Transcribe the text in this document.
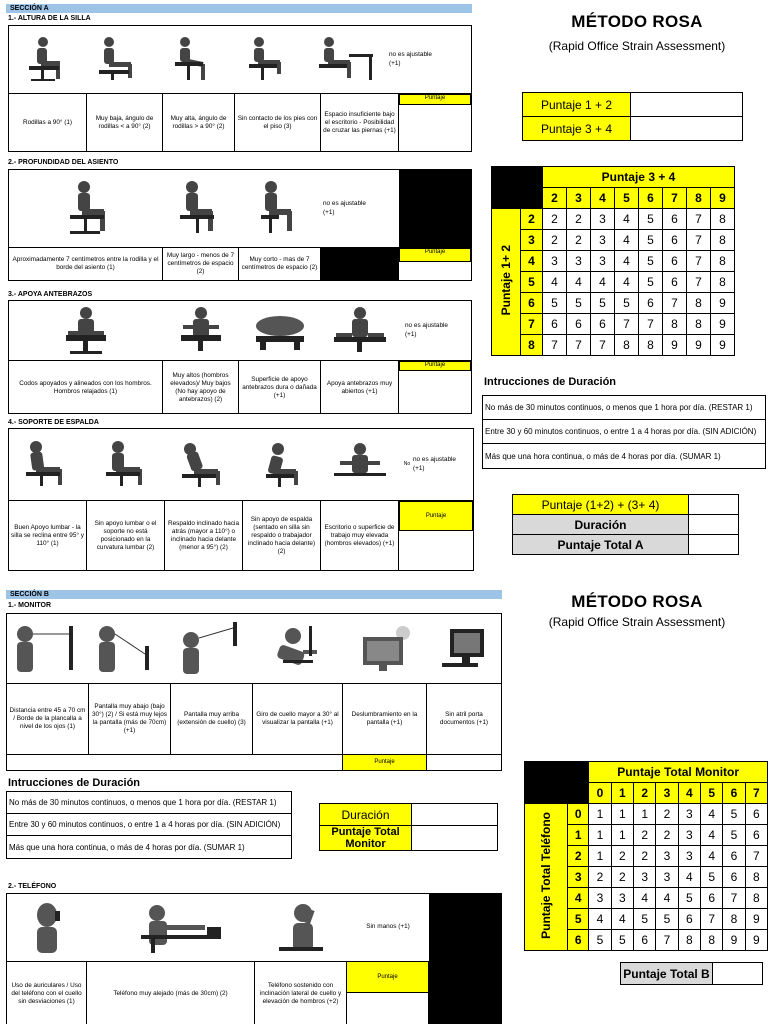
SECCIÓN A
1.- ALTURA DE LA SILLA
no es ajustable (+1)
Rodillas a 90° (1)
Muy baja, ángulo de rodillas < a 90° (2)
Muy alta, ángulo de rodillas > a 90° (2)
Sin contacto de los pies con el piso (3)
Espacio insuficiente bajo el escritorio - Posibilidad de cruzar las piernas (+1)
Puntaje
2.- PROFUNDIDAD DEL ASIENTO
no es ajustable (+1)
Aproximadamente 7 centímetros entre la rodilla y el borde del asiento (1)
Muy largo - menos de 7 centímetros de espacio (2)
Muy corto - mas de 7 centímetros de espacio (2)
Puntaje
3.- APOYA ANTEBRAZOS
no es ajustable (+1)
Codos apoyados y alineados con los hombros. Hombros relajados (1)
Muy altos (hombros elevados)/ Muy bajos (No hay apoyo de antebrazos) (2)
Superficie de apoyo antebrazos dura o dañada (+1)
Apoya antebrazos muy abiertos (+1)
Puntaje
4.- SOPORTE DE ESPALDA
No
no es ajustable (+1)
Buen Apoyo lumbar - la silla se reclina entre 95° y 110° (1)
Sin apoyo lumbar o el soporte no está posicionado en la curvatura lumbar (2)
Respaldo inclinado hacia atrás (mayor a 110°) o inclinado hacia delante (menor a 95°) (2)
Sin apoyo de espalda (sentado en silla sin respaldo o trabajador inclinado hacia delante) (2)
Escritorio o superficie de trabajo muy elevada (hombros elevados) (+1)
Puntaje
MÉTODO ROSA
(Rapid Office Strain Assessment)
Puntaje 1 + 2	
Puntaje 3 + 4	
		Puntaje 3 + 4							
		2	3	4	5	6	7	8	9
Puntaje 1+ 2	2	2	2	3	4	5	6	7	8
	3	2	2	3	4	5	6	7	8
	4	3	3	3	4	5	6	7	8
	5	4	4	4	4	5	6	7	8
	6	5	5	5	5	6	7	8	9
	7	6	6	6	7	7	8	8	9
	8	7	7	7	8	8	9	9	9
Intrucciones de Duración
No más de 30 minutos continuos, o menos que 1 hora por día. (RESTAR 1)
Entre 30 y 60 minutos continuos, o entre 1 a 4 horas por día. (SIN ADICIÓN)
Más que una hora continua, o más de 4 horas por día. (SUMAR 1)
Puntaje (1+2) + (3+ 4)	
Duración	
Puntaje Total A	
SECCIÓN B
1.- MONITOR
Distancia entre 45 a 70 cm / Borde de la plancalla a nivel de los ojos (1)
Pantalla muy abajo (bajo 30°) (2) / Si está muy lejos la pantalla (más de 70cm) (+1)
Pantalla muy arriba (extensión de cuello) (3)
Giro de cuello mayor a 30° al visualizar la pantalla (+1)
Deslumbramiento en la pantalla (+1)
Sin atril porta documentos (+1)
Puntaje
Intrucciones de Duración
No más de 30 minutos continuos, o menos que 1 hora por día. (RESTAR 1)
Entre 30 y 60 minutos continuos, o entre 1 a 4 horas por día. (SIN ADICIÓN)
Más que una hora continua, o más de 4 horas por día. (SUMAR 1)
Duración	
Puntaje Total Monitor	
2.- TELÉFONO
Sin manos (+1)
Uso de auriculares / Uso del teléfono con el cuello sin desviaciones (1)
Teléfono muy alejado (más de 30cm) (2)
Teléfono sostenido con inclinación lateral de cuello y elevación de hombros (+2)
Puntaje
MÉTODO ROSA
(Rapid Office Strain Assessment)
		Puntaje Total Monitor							
		0	1	2	3	4	5	6	7
Puntaje Total Teléfono	0	1	1	1	2	3	4	5	6
	1	1	1	2	2	3	4	5	6
	2	1	2	2	3	3	4	6	7
	3	2	2	3	3	4	5	6	8
	4	3	3	4	4	5	6	7	8
	5	4	4	5	5	6	7	8	9
	6	5	5	6	7	8	8	9	9
Puntaje Total B	
